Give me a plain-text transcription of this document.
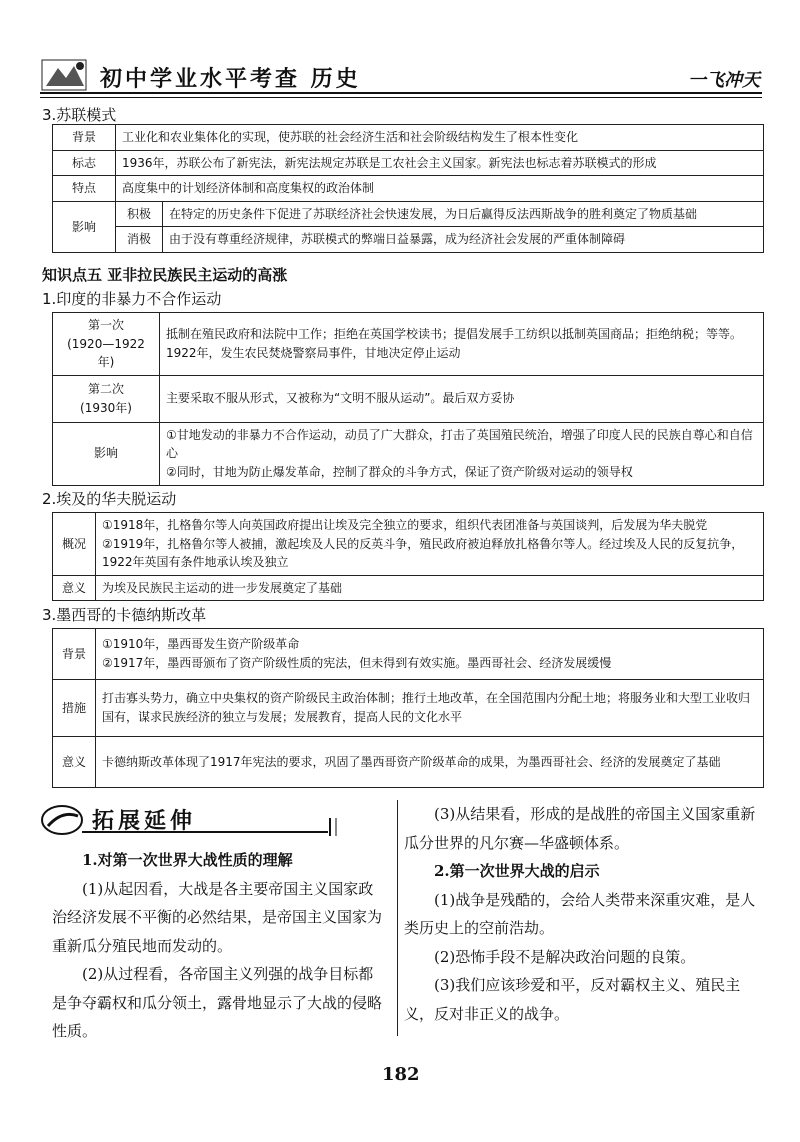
初中学业水平考查 历史	一飞冲天
3.苏联模式
背景	工业化和农业集体化的实现，使苏联的社会经济生活和社会阶级结构发生了根本性变化	
标志	1936年，苏联公布了新宪法，新宪法规定苏联是工农社会主义国家。新宪法也标志着苏联模式的形成	
特点	高度集中的计划经济体制和高度集权的政治体制	
影响	积极	在特定的历史条件下促进了苏联经济社会快速发展，为日后赢得反法西斯战争的胜利奠定了物质基础
	消极	由于没有尊重经济规律，苏联模式的弊端日益暴露，成为经济社会发展的严重体制障碍
知识点五 亚非拉民族民主运动的高涨
1.印度的非暴力不合作运动
第一次
(1920—1922年)	抵制在殖民政府和法院中工作；拒绝在英国学校读书；提倡发展手工纺织以抵制英国商品；拒绝纳税；等等。1922年，发生农民焚烧警察局事件，甘地决定停止运动

第二次
(1930年)	主要采取不服从形式，又被称为“文明不服从运动”。最后双方妥协
影响	①甘地发动的非暴力不合作运动，动员了广大群众，打击了英国殖民统治，增强了印度人民的民族自尊心和自信心
②同时，甘地为防止爆发革命，控制了群众的斗争方式，保证了资产阶级对运动的领导权
2.埃及的华夫脱运动
概况	①1918年，扎格鲁尔等人向英国政府提出让埃及完全独立的要求，组织代表团准备与英国谈判，后发展为华夫脱党
②1919年，扎格鲁尔等人被捕，激起埃及人民的反英斗争，殖民政府被迫释放扎格鲁尔等人。经过埃及人民的反复抗争，1922年英国有条件地承认埃及独立

意义	为埃及民族民主运动的进一步发展奠定了基础
3.墨西哥的卡德纳斯改革
背景	①1910年，墨西哥发生资产阶级革命
②1917年，墨西哥颁布了资产阶级性质的宪法，但未得到有效实施。墨西哥社会、经济发展缓慢

措施	打击寡头势力，确立中央集权的资产阶级民主政治体制；推行土地改革，在全国范围内分配土地；将服务业和大型工业收归国有，谋求民族经济的独立与发展；发展教育，提高人民的文化水平
意义	卡德纳斯改革体现了1917年宪法的要求，巩固了墨西哥资产阶级革命的成果，为墨西哥社会、经济的发展奠定了基础
拓展延伸

1.对第一次世界大战性质的理解

(1)从起因看，大战是各主要帝国主义国家政治经济发展不平衡的必然结果，是帝国主义国家为重新瓜分殖民地而发动的。

(2)从过程看，各帝国主义列强的战争目标都是争夺霸权和瓜分领土，露骨地显示了大战的侵略性质。

(3)从结果看，形成的是战胜的帝国主义国家重新瓜分世界的凡尔赛—华盛顿体系。

2.第一次世界大战的启示

(1)战争是残酷的，会给人类带来深重灾难，是人类历史上的空前浩劫。

(2)恐怖手段不是解决政治问题的良策。

(3)我们应该珍爱和平，反对霸权主义、殖民主义，反对非正义的战争。

182
